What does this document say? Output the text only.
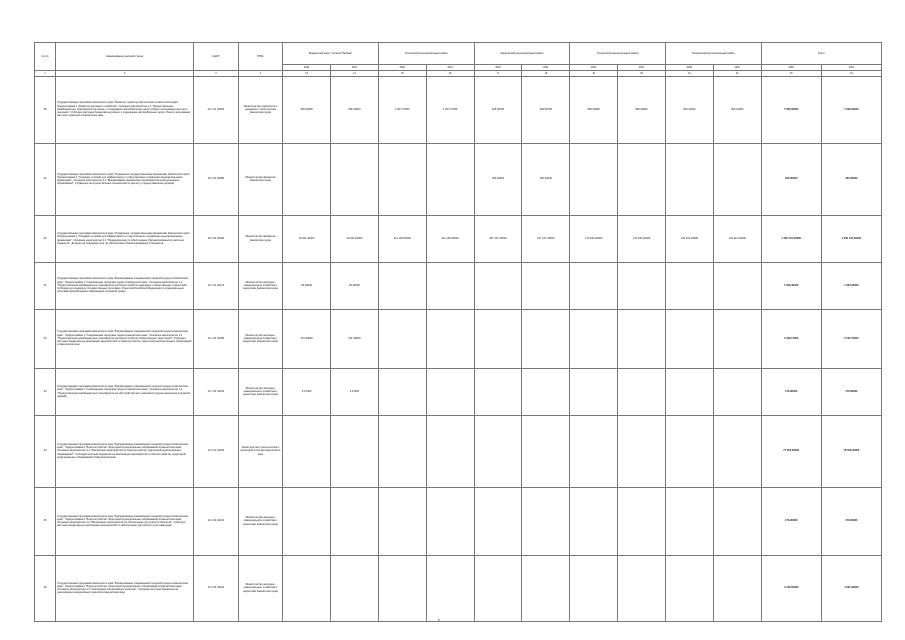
№ п/п	Наименование целевой статьи	КЦСР	ГРБС	Бюджетный округ "поселок Палана"		Олюторский муниципальный район		Карагинский муниципальный район		Тигильский муниципальный район		Пенжинский муниципальный район		Итого	
				2020	2021	2020	2021	2020	2021	2020	2021	2020	2021	2020	2021
1	2	3	4	13	14	15	16	17	18	19	20	21	22	23	24
28	Государственная программа Камчатского края "Развитие транспортной системы в Камчатском крае", Подпрограмма 1 "Развитие дорожного хозяйства", Основное мероприятие 1.1 "Предоставление межбюджетных трансфертов на ремонт и содержание автомобильных дорог общего пользования местного значения", Субсидии местным бюджетам на ремонт и содержание автомобильных дорог общего пользования местного значения в Камчатском крае	24 1 01 40060	Министерство транспорта и дорожного строительства Камчатского края	356,23000	356,23000	1 007,37000	1 007,37000	205,09700	205,09700	850,29000	850,29000	606,22000	606,22000	7 000,00000	7 000,00000
29	Государственная программа Камчатского края "Управление государственными финансами Камчатского края", Подпрограмма 2 "Создание условий для эффективного и ответственного управления муниципальными финансами", Основное мероприятие 2.1 "Выравнивание финансовых возможностей муниципальных образований", Субвенции на осуществление полномочий по расчету и предоставлению дотаций	15 2 01 40080	Министерство финансов Камчатского края					450,00000	450,00000					450,00000	450,00000
30	Государственная программа Камчатского края "Управление государственными финансами Камчатского края", Подпрограмма 2 "Создание условий для эффективного и ответственного управления муниципальными финансами", Основное мероприятие 2.2 "Поддержка мер по обеспечению сбалансированности местных бюджетов", Дотации на поддержку мер по обеспечению сбалансированности бюджетов	15 2 02 40090	Министерство финансов Камчатского края	29 911,40000	29 911,40000	211 192,00000	211 192,00000	197 127,40000	197 127,40000	170 632,20000	170 632,20000	134 412,20000	134 412,20000	1 250 724,00000	1 250 724,00000
31	Государственная программа Камчатского края "Формирование современной городской среды в Камчатском крае", Подпрограмма 1 "Современная городская среда в Камчатском крае", Основное мероприятие 1.1 "Предоставление межбюджетных трансфертов на благоустройство дворовых и общественных территорий", Субсидии на поддержку государственных программ субъектов Российской Федерации и муниципальных программ формирования современной городской среды	14 1 01 40170	Министерство жилищно-коммунального хозяйства и энергетики Камчатского края	65,46000	65,46000									1 953,46400	1 953,46400
32	Государственная программа Камчатского края "Формирование современной городской среды в Камчатском крае", Подпрограмма 1 "Современная городская среда в Камчатском крае", Основное мероприятие 1.2 "Предоставление межбюджетных трансфертов на благоустройство общественных территорий", Субсидии местным бюджетам на реализацию мероприятий по благоустройству территорий муниципальных образований в Камчатском крае	14 1 02 40180	Министерство жилищно-коммунального хозяйства и энергетики Камчатского края	131,39000	131,39000									4 790,71000	5 105,47000
33	Государственная программа Камчатского края "Формирование современной городской среды в Камчатском крае", Подпрограмма 1 "Современная городская среда в Камчатском крае", Основное мероприятие 1.3 "Предоставление межбюджетных трансфертов на обустройство мест массового отдыха населения (городских парков)"	14 1 03 40190	Министерство жилищно-коммунального хозяйства и энергетики Камчатского края	5,47000	5,47000									176,90000	176,90000
34	Государственная программа Камчатского края "Формирование современной городской среды в Камчатском крае", Подпрограмма 2 "Благоустройство территорий муниципальных образований в Камчатском крае", Основное мероприятие 2.1 "Реализация мероприятий по благоустройству территорий муниципальных образований", Субсидии местным бюджетам на реализацию мероприятий по благоустройству территорий муниципальных образований в Камчатском крае	14 2 01 40200	Министерство строительства и жилищной политики Камчатского края											77 000,00000	78 000,00000
35	Государственная программа Камчатского края "Формирование современной городской среды в Камчатском крае", Подпрограмма 2 "Благоустройство территорий муниципальных образований в Камчатском крае", Основное мероприятие 2.2 "Выполнение мероприятий по обеспечению доступности объектов", Субсидии местным бюджетам на выполнение мероприятий по обеспечению доступности для инвалидов	14 2 02 40210	Министерство жилищно-коммунального хозяйства и энергетики Камчатского края											176,90000	176,90000
36	Государственная программа Камчатского края "Формирование современной городской среды в Камчатском крае", Подпрограмма 2 "Благоустройство территорий муниципальных образований в Камчатском крае", Основное мероприятие 2.3 "Реализация инициативных проектов", Субсидии местным бюджетам на реализацию инициативных проектов в Камчатском крае	14 2 03 40220	Министерство жилищно-коммунального хозяйства и энергетики Камчатского края											4 132,50000	4 391,30000
5
